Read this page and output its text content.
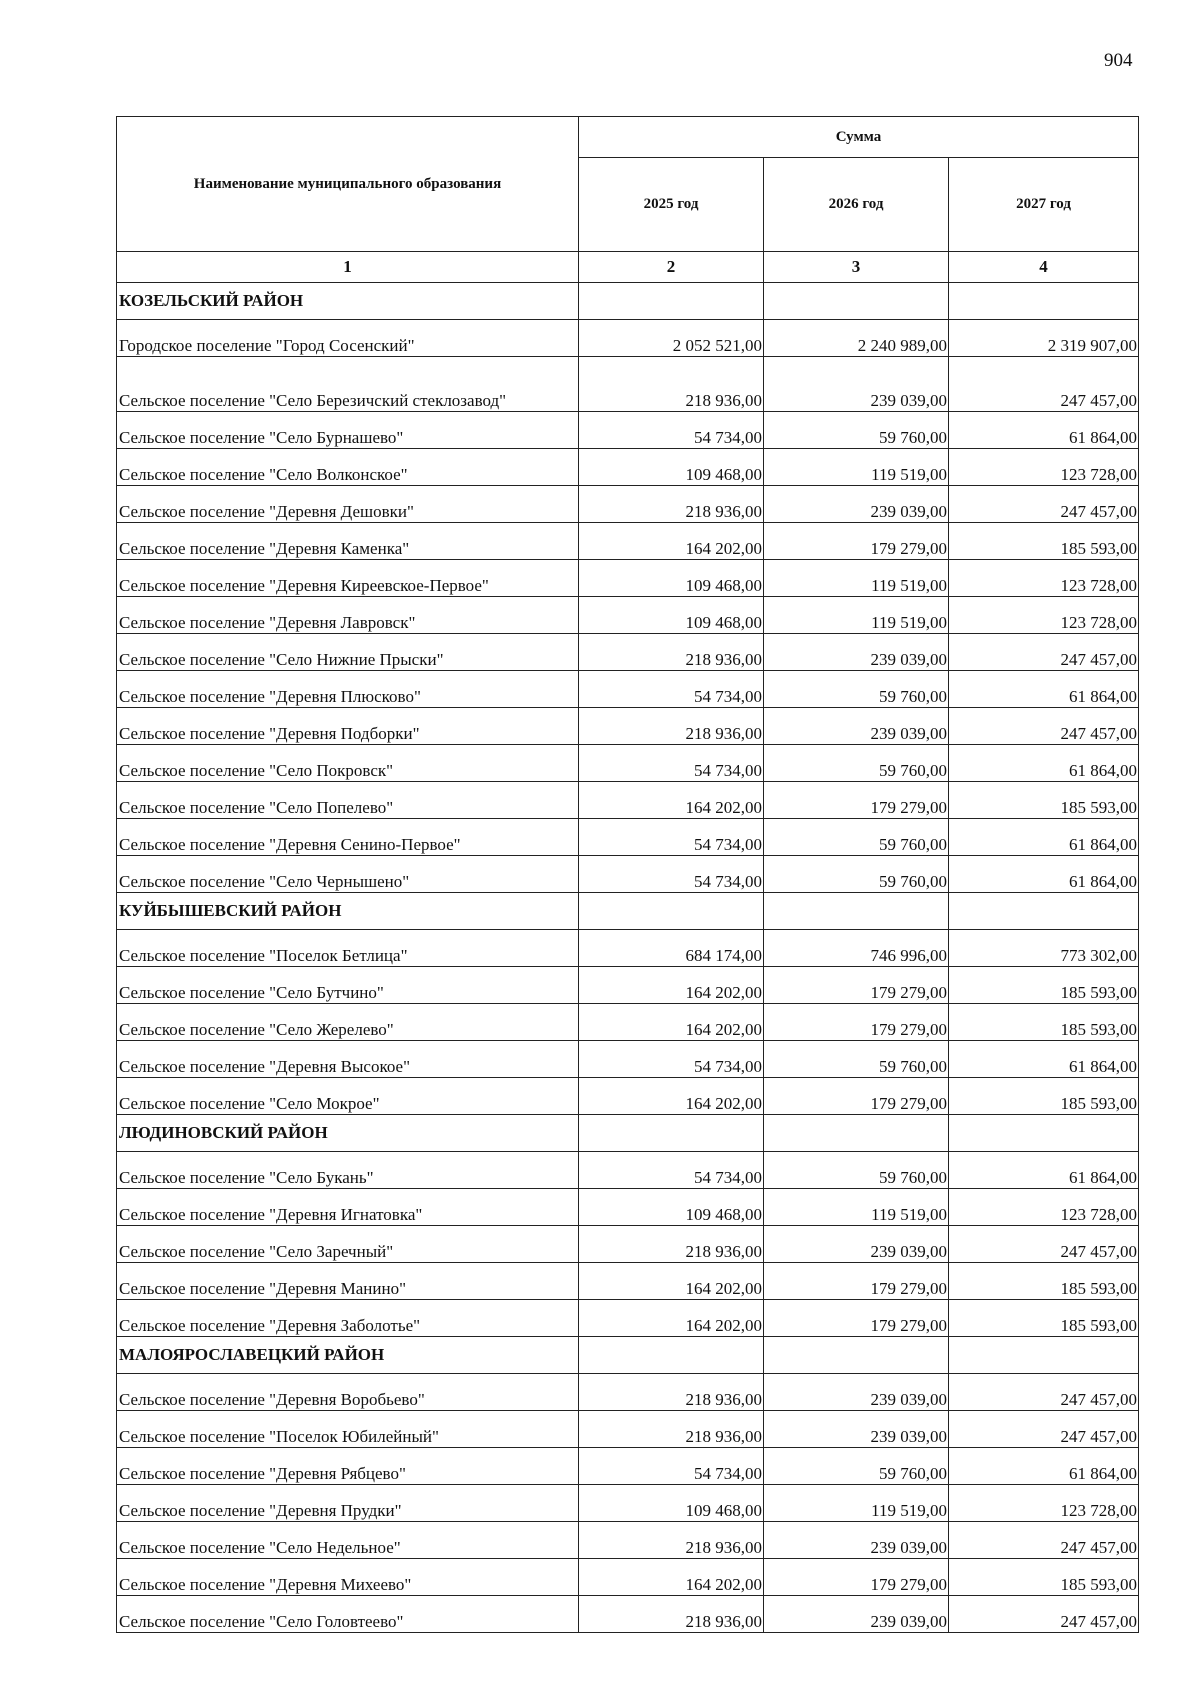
904
Наименование муниципального образования	Сумма		
	2025 год	2026 год	2027 год
1	2	3	4
КОЗЕЛЬСКИЙ РАЙОН			
Городское поселение "Город Сосенский"	2 052 521,00	2 240 989,00	2 319 907,00
Сельское поселение "Село Березичский стеклозавод"	218 936,00	239 039,00	247 457,00
Сельское поселение "Село Бурнашево"	54 734,00	59 760,00	61 864,00
Сельское поселение "Село Волконское"	109 468,00	119 519,00	123 728,00
Сельское поселение "Деревня Дешовки"	218 936,00	239 039,00	247 457,00
Сельское поселение "Деревня Каменка"	164 202,00	179 279,00	185 593,00
Сельское поселение "Деревня Киреевское-Первое"	109 468,00	119 519,00	123 728,00
Сельское поселение "Деревня Лавровск"	109 468,00	119 519,00	123 728,00
Сельское поселение "Село Нижние Прыски"	218 936,00	239 039,00	247 457,00
Сельское поселение "Деревня Плюсково"	54 734,00	59 760,00	61 864,00
Сельское поселение "Деревня Подборки"	218 936,00	239 039,00	247 457,00
Сельское поселение "Село Покровск"	54 734,00	59 760,00	61 864,00
Сельское поселение "Село Попелево"	164 202,00	179 279,00	185 593,00
Сельское поселение "Деревня Сенино-Первое"	54 734,00	59 760,00	61 864,00
Сельское поселение "Село Чернышено"	54 734,00	59 760,00	61 864,00
КУЙБЫШЕВСКИЙ РАЙОН			
Сельское поселение "Поселок Бетлица"	684 174,00	746 996,00	773 302,00
Сельское поселение "Село Бутчино"	164 202,00	179 279,00	185 593,00
Сельское поселение "Село Жерелево"	164 202,00	179 279,00	185 593,00
Сельское поселение "Деревня Высокое"	54 734,00	59 760,00	61 864,00
Сельское поселение "Село Мокрое"	164 202,00	179 279,00	185 593,00
ЛЮДИНОВСКИЙ РАЙОН			
Сельское поселение "Село Букань"	54 734,00	59 760,00	61 864,00
Сельское поселение "Деревня Игнатовка"	109 468,00	119 519,00	123 728,00
Сельское поселение "Село Заречный"	218 936,00	239 039,00	247 457,00
Сельское поселение "Деревня Манино"	164 202,00	179 279,00	185 593,00
Сельское поселение "Деревня Заболотье"	164 202,00	179 279,00	185 593,00
МАЛОЯРОСЛАВЕЦКИЙ РАЙОН			
Сельское поселение "Деревня Воробьево"	218 936,00	239 039,00	247 457,00
Сельское поселение "Поселок Юбилейный"	218 936,00	239 039,00	247 457,00
Сельское поселение "Деревня Рябцево"	54 734,00	59 760,00	61 864,00
Сельское поселение "Деревня Прудки"	109 468,00	119 519,00	123 728,00
Сельское поселение "Село Недельное"	218 936,00	239 039,00	247 457,00
Сельское поселение "Деревня Михеево"	164 202,00	179 279,00	185 593,00
Сельское поселение "Село Головтеево"	218 936,00	239 039,00	247 457,00
